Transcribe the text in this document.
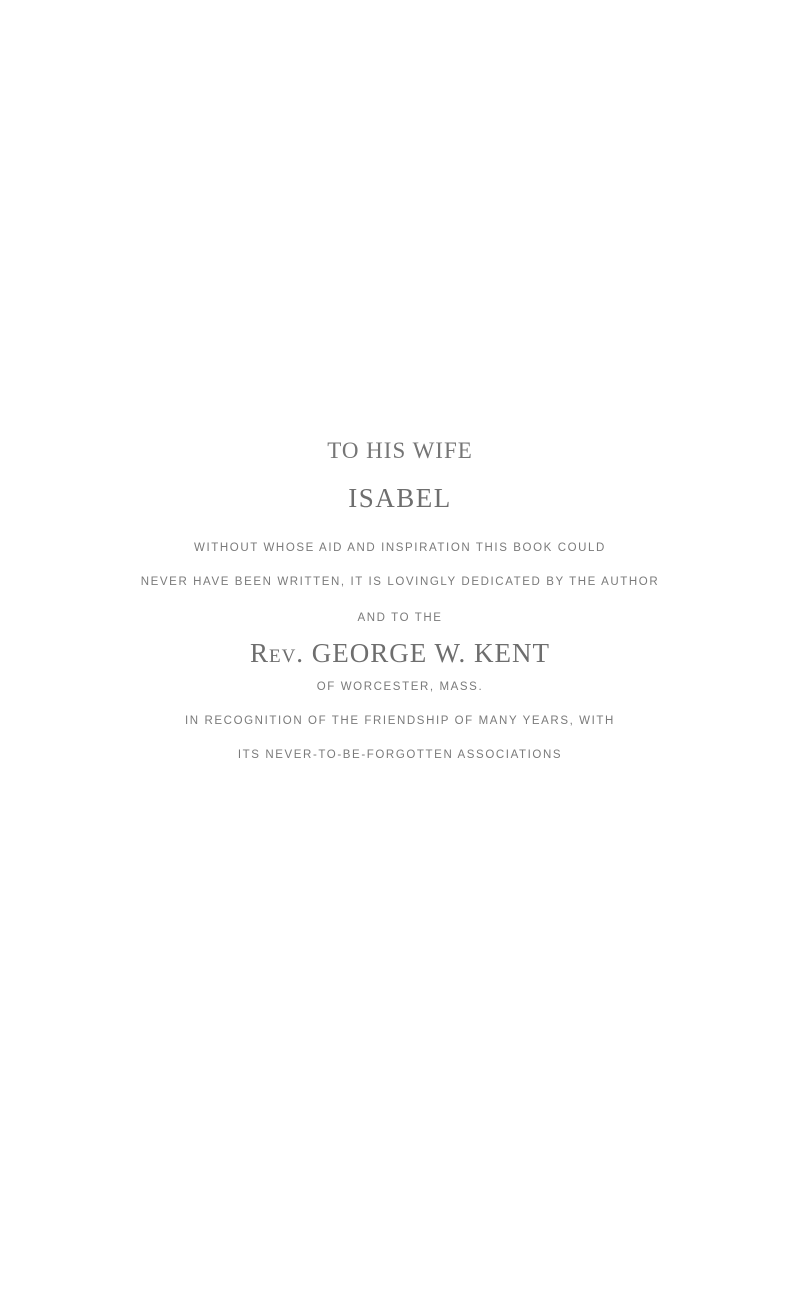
TO HIS WIFE
ISABEL
WITHOUT WHOSE AID AND INSPIRATION THIS BOOK COULD
NEVER HAVE BEEN WRITTEN, IT IS LOVINGLY DEDICATED BY THE AUTHOR
AND TO THE
Rev. GEORGE W. KENT
OF WORCESTER, MASS.
IN RECOGNITION OF THE FRIENDSHIP OF MANY YEARS, WITH
ITS NEVER-TO-BE-FORGOTTEN ASSOCIATIONS
